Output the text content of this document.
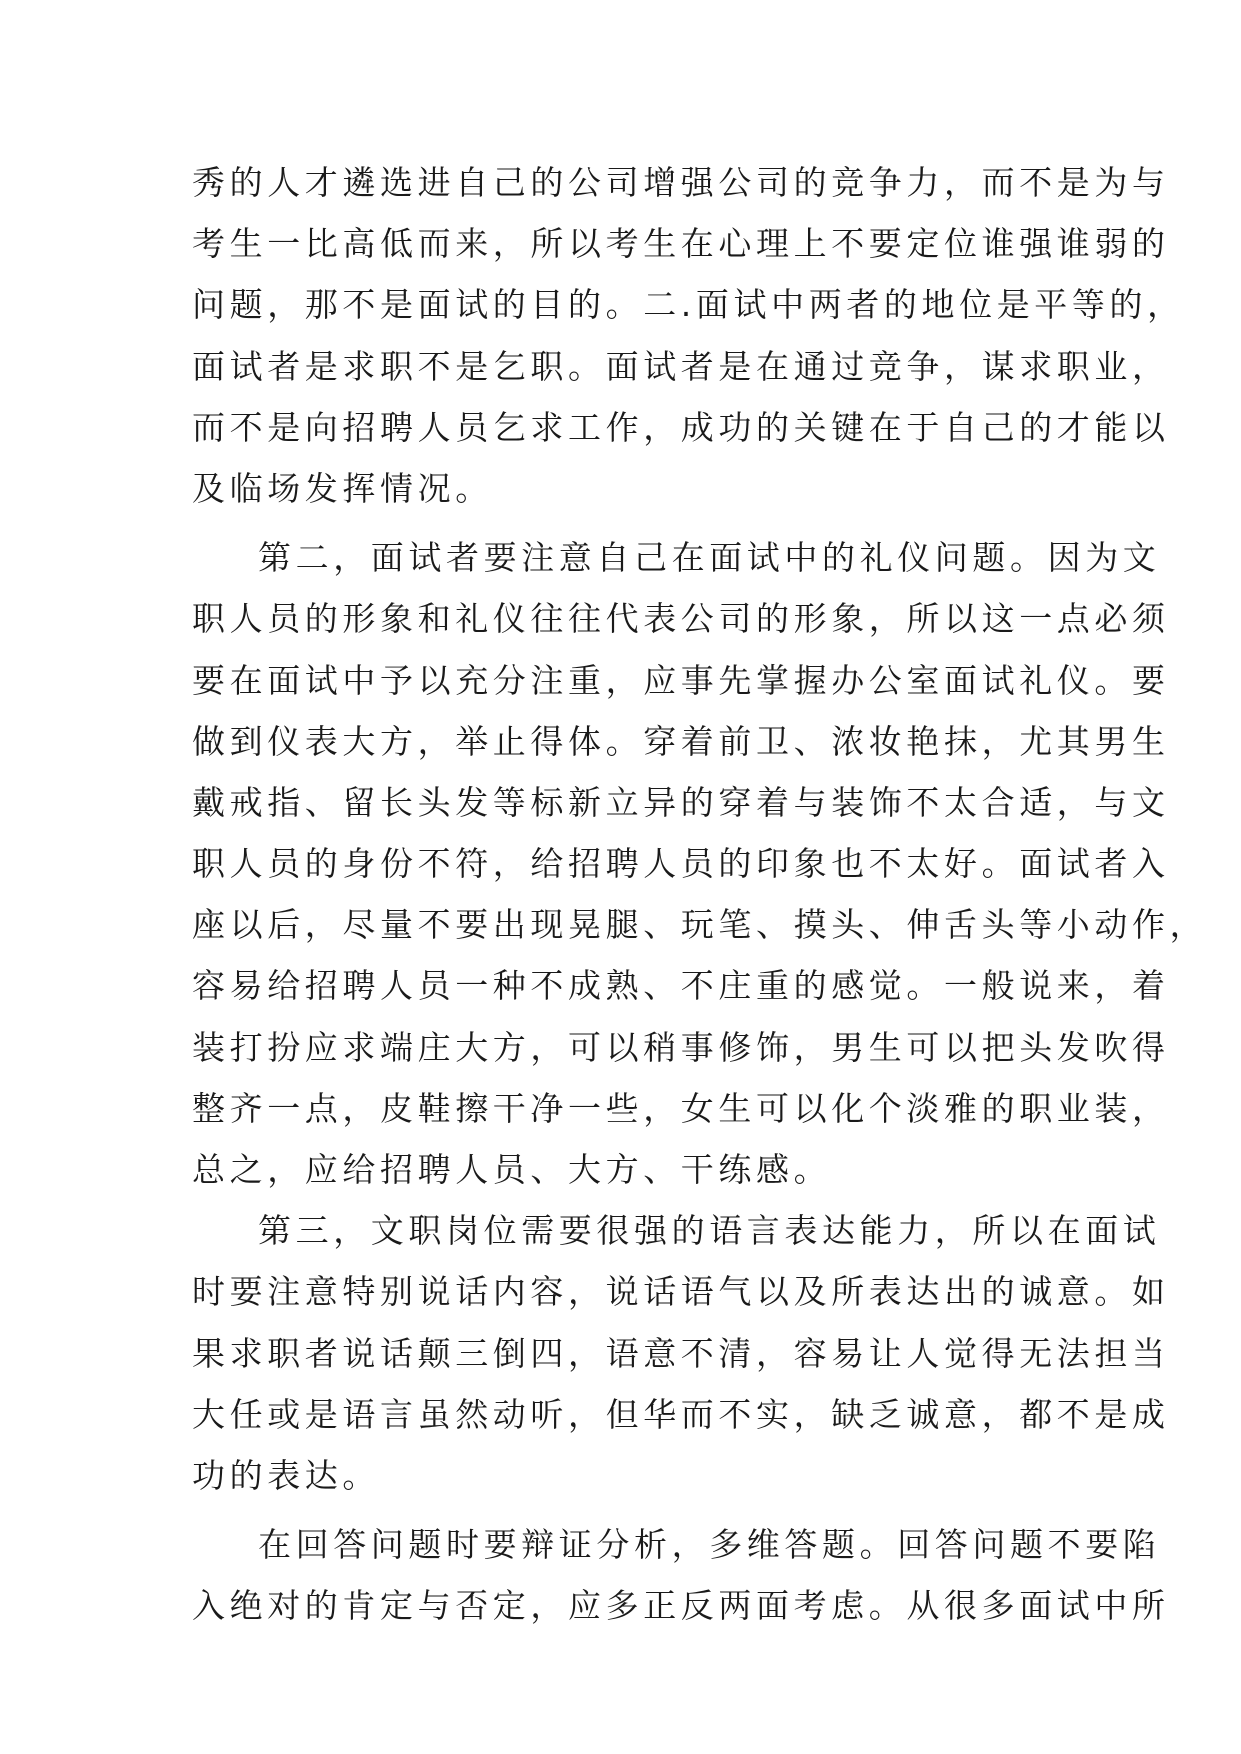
秀的人才遴选进自己的公司增强公司的竞争力，而不是为与
考生一比高低而来，所以考生在心理上不要定位谁强谁弱的
问题，那不是面试的目的。二.面试中两者的地位是平等的，
面试者是求职不是乞职。面试者是在通过竞争，谋求职业，
而不是向招聘人员乞求工作，成功的关键在于自己的才能以
及临场发挥情况。
第二，面试者要注意自己在面试中的礼仪问题。因为文
职人员的形象和礼仪往往代表公司的形象，所以这一点必须
要在面试中予以充分注重，应事先掌握办公室面试礼仪。要
做到仪表大方，举止得体。穿着前卫、浓妆艳抹，尤其男生
戴戒指、留长头发等标新立异的穿着与装饰不太合适，与文
职人员的身份不符，给招聘人员的印象也不太好。面试者入
座以后，尽量不要出现晃腿、玩笔、摸头、伸舌头等小动作，
容易给招聘人员一种不成熟、不庄重的感觉。一般说来，着
装打扮应求端庄大方，可以稍事修饰，男生可以把头发吹得
整齐一点，皮鞋擦干净一些，女生可以化个淡雅的职业装，
总之，应给招聘人员、大方、干练感。
第三，文职岗位需要很强的语言表达能力，所以在面试
时要注意特别说话内容，说话语气以及所表达出的诚意。如
果求职者说话颠三倒四，语意不清，容易让人觉得无法担当
大任或是语言虽然动听，但华而不实，缺乏诚意，都不是成
功的表达。
在回答问题时要辩证分析，多维答题。回答问题不要陷
入绝对的肯定与否定，应多正反两面考虑。从很多面试中所
